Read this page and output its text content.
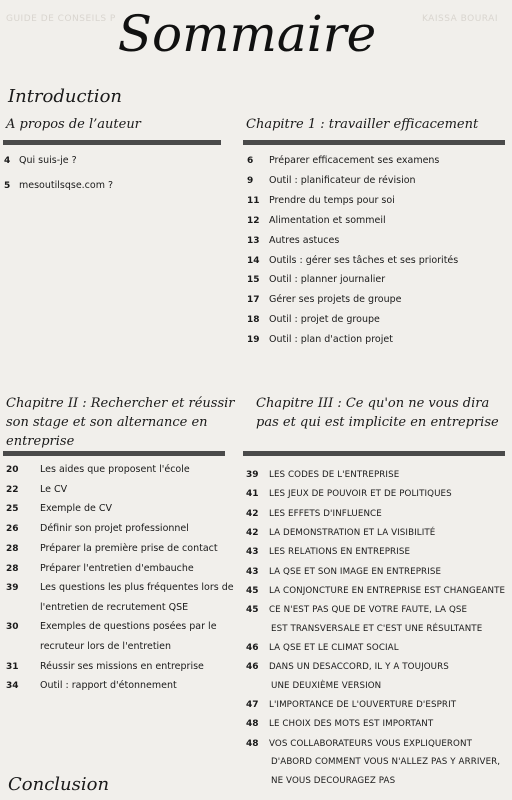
GUIDE DE CONSEILS P	KAISSA BOURAI
Sommaire
Introduction
A propos de l’auteur
4 Qui suis-je ?
5 mesoutilsqse.com ?
Chapitre 1 : travailler efficacement
6 Préparer efficacement ses examens
9 Outil : planificateur de révision
11 Prendre du temps pour soi
12 Alimentation et sommeil
13 Autres astuces
14 Outils : gérer ses tâches et ses priorités
15 Outil : planner journalier
17 Gérer ses projets de groupe
18 Outil : projet de groupe
19 Outil : plan d'action projet
Chapitre II : Rechercher et réussir
son stage et son alternance en
entreprise
20 Les aides que proposent l'école
22 Le CV
25 Exemple de CV
26 Définir son projet professionnel
28 Préparer la première prise de contact
28 Préparer l'entretien d'embauche
39 Les questions les plus fréquentes lors de
l'entretien de recrutement QSE
30 Exemples de questions posées par le
recruteur lors de l'entretien
31 Réussir ses missions en entreprise
34 Outil : rapport d'étonnement
Chapitre III : Ce qu'on ne vous dira
pas et qui est implicite en entreprise
39 LES CODES DE L'ENTREPRISE
41 LES JEUX DE POUVOIR ET DE POLITIQUES
42 LES EFFETS D'INFLUENCE
42 LA DEMONSTRATION ET LA VISIBILITÉ
43 LES RELATIONS EN ENTREPRISE
43 LA QSE ET SON IMAGE EN ENTREPRISE
45 LA CONJONCTURE EN ENTREPRISE EST CHANGEANTE
45 CE N'EST PAS QUE DE VOTRE FAUTE, LA QSE
EST TRANSVERSALE ET C'EST UNE RÉSULTANTE
46 LA QSE ET LE CLIMAT SOCIAL
46 DANS UN DESACCORD, IL Y A TOUJOURS
UNE DEUXIÈME VERSION
47 L'IMPORTANCE DE L'OUVERTURE D'ESPRIT
48 LE CHOIX DES MOTS EST IMPORTANT
48 VOS COLLABORATEURS VOUS EXPLIQUERONT
D'ABORD COMMENT VOUS N'ALLEZ PAS Y ARRIVER,
NE VOUS DECOURAGEZ PAS
Conclusion
